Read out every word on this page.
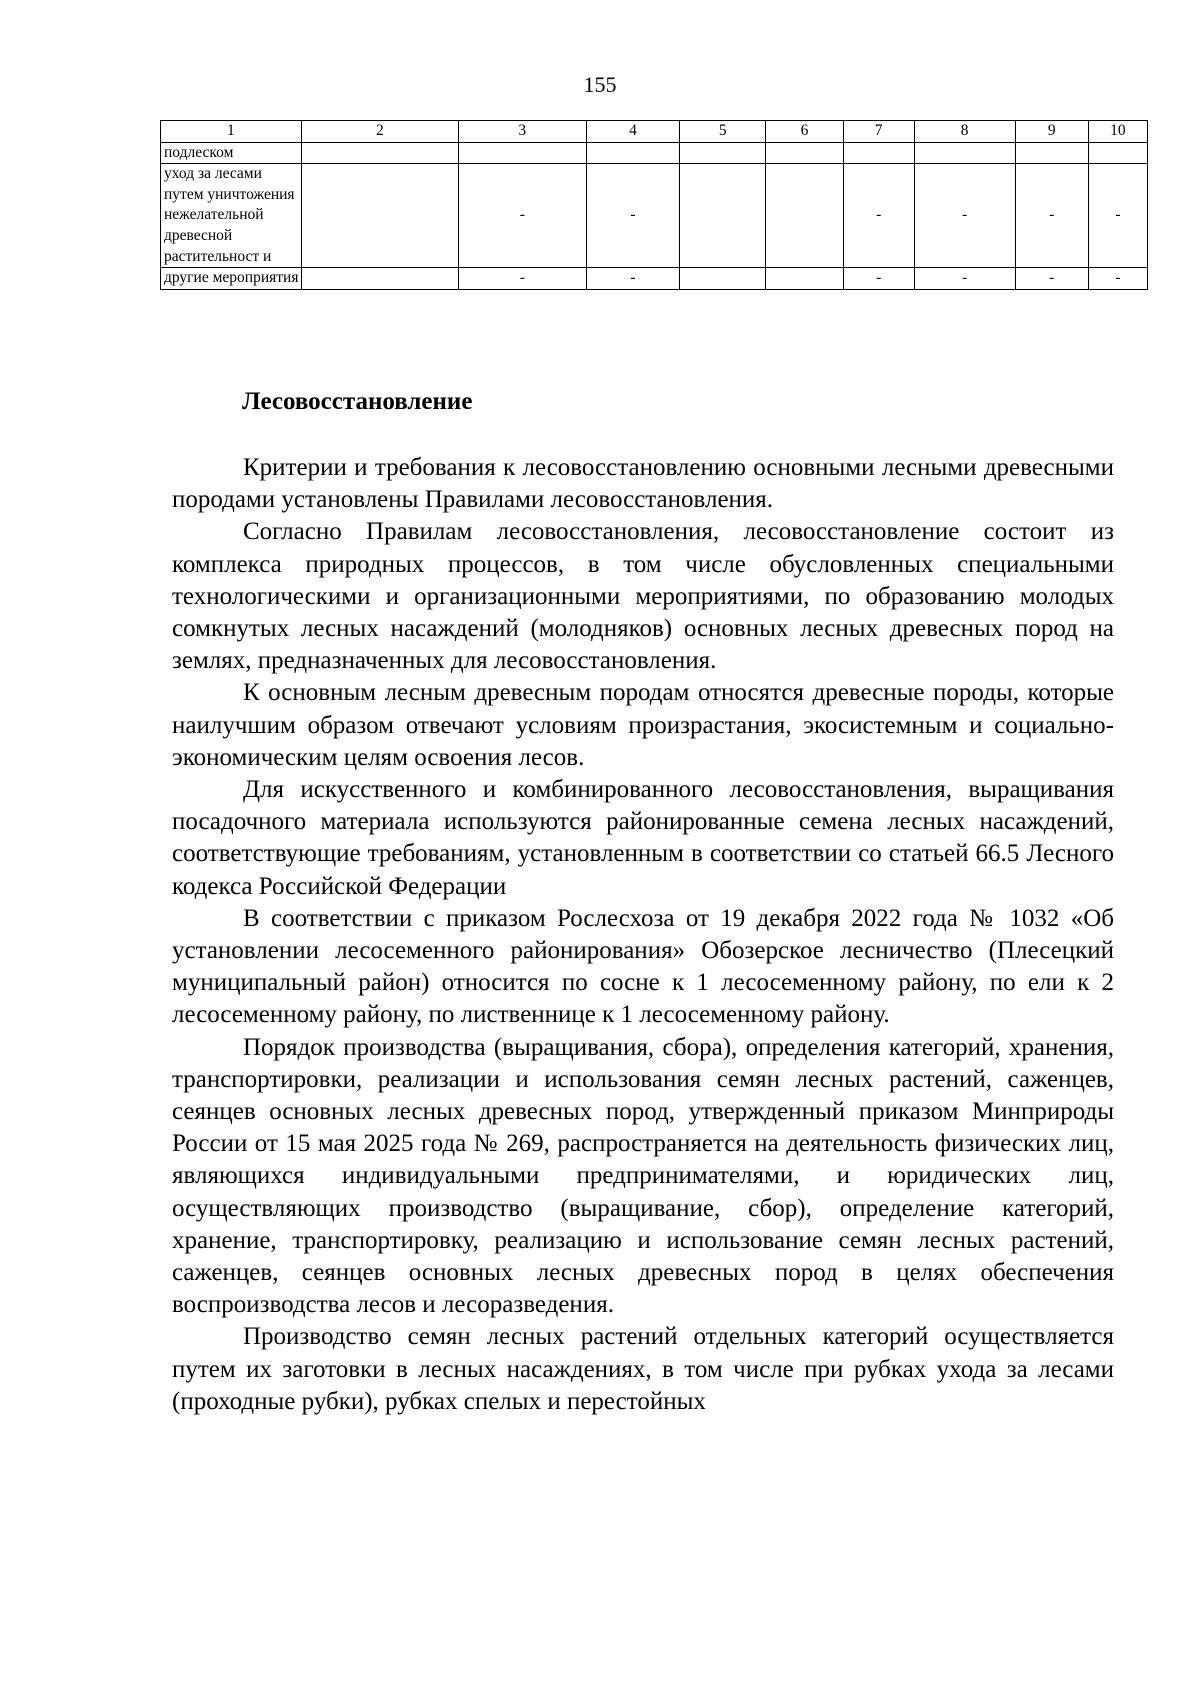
155
1	2	3	4	5	6	7	8	9	10
подлеском									
уход за лесами путем уничтожения нежелательной древесной растительност и		-	-			-	-	-	-
другие мероприятия		-	-			-	-	-	-
Лесовосстановление

Критерии и требования к лесовосстановлению основными лесными древесными породами установлены Правилами лесовосстановления.

Согласно Правилам лесовосстановления, лесовосстановление состоит из комплекса природных процессов, в том числе обусловленных специальными технологическими и организационными мероприятиями, по образованию молодых сомкнутых лесных насаждений (молодняков) основных лесных древесных пород на землях, предназначенных для лесовосстановления.

К основным лесным древесным породам относятся древесные породы, которые наилучшим образом отвечают условиям произрастания, экосистемным и социально-экономическим целям освоения лесов.

Для искусственного и комбинированного лесовосстановления, выращивания посадочного материала используются районированные семена лесных насаждений, соответствующие требованиям, установленным в соответствии со статьей 66.5 Лесного кодекса Российской Федерации

В соответствии с приказом Рослесхоза от 19 декабря 2022 года № 1032 «Об установлении лесосеменного районирования» Обозерское лесничество (Плесецкий муниципальный район) относится по сосне к 1 лесосеменному району, по ели к 2 лесосеменному району, по лиственнице к 1 лесосеменному району.

Порядок производства (выращивания, сбора), определения категорий, хранения, транспортировки, реализации и использования семян лесных растений, саженцев, сеянцев основных лесных древесных пород, утвержденный приказом Минприроды России от 15 мая 2025 года № 269, распространяется на деятельность физических лиц, являющихся индивидуальными предпринимателями, и юридических лиц, осуществляющих производство (выращивание, сбор), определение категорий, хранение, транспортировку, реализацию и использование семян лесных растений, саженцев, сеянцев основных лесных древесных пород в целях обеспечения воспроизводства лесов и лесоразведения.

Производство семян лесных растений отдельных категорий осуществляется путем их заготовки в лесных насаждениях, в том числе при рубках ухода за лесами (проходные рубки), рубках спелых и перестойных
